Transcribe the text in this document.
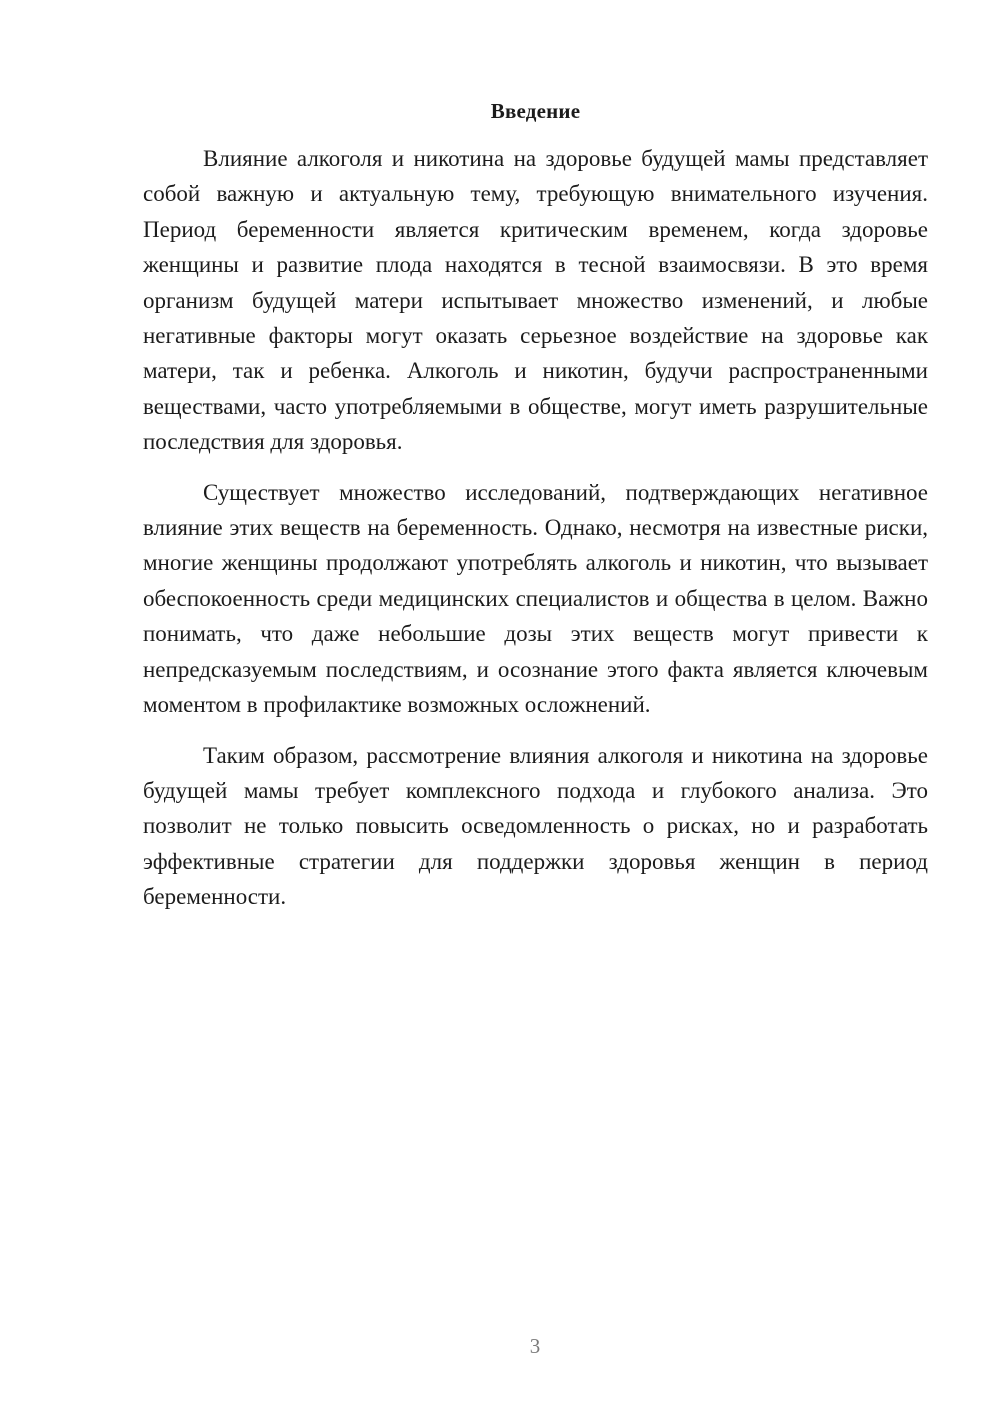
Введение

Влияние алкоголя и никотина на здоровье будущей мамы представляет собой важную и актуальную тему, требующую внимательного изучения. Период беременности является критическим временем, когда здоровье женщины и развитие плода находятся в тесной взаимосвязи. В это время организм будущей матери испытывает множество изменений, и любые негативные факторы могут оказать серьезное воздействие на здоровье как матери, так и ребенка. Алкоголь и никотин, будучи распространенными веществами, часто употребляемыми в обществе, могут иметь разрушительные последствия для здоровья.

Существует множество исследований, подтверждающих негативное влияние этих веществ на беременность. Однако, несмотря на известные риски, многие женщины продолжают употреблять алкоголь и никотин, что вызывает обеспокоенность среди медицинских специалистов и общества в целом. Важно понимать, что даже небольшие дозы этих веществ могут привести к непредсказуемым последствиям, и осознание этого факта является ключевым моментом в профилактике возможных осложнений.

Таким образом, рассмотрение влияния алкоголя и никотина на здоровье будущей мамы требует комплексного подхода и глубокого анализа. Это позволит не только повысить осведомленность о рисках, но и разработать эффективные стратегии для поддержки здоровья женщин в период беременности.

3
